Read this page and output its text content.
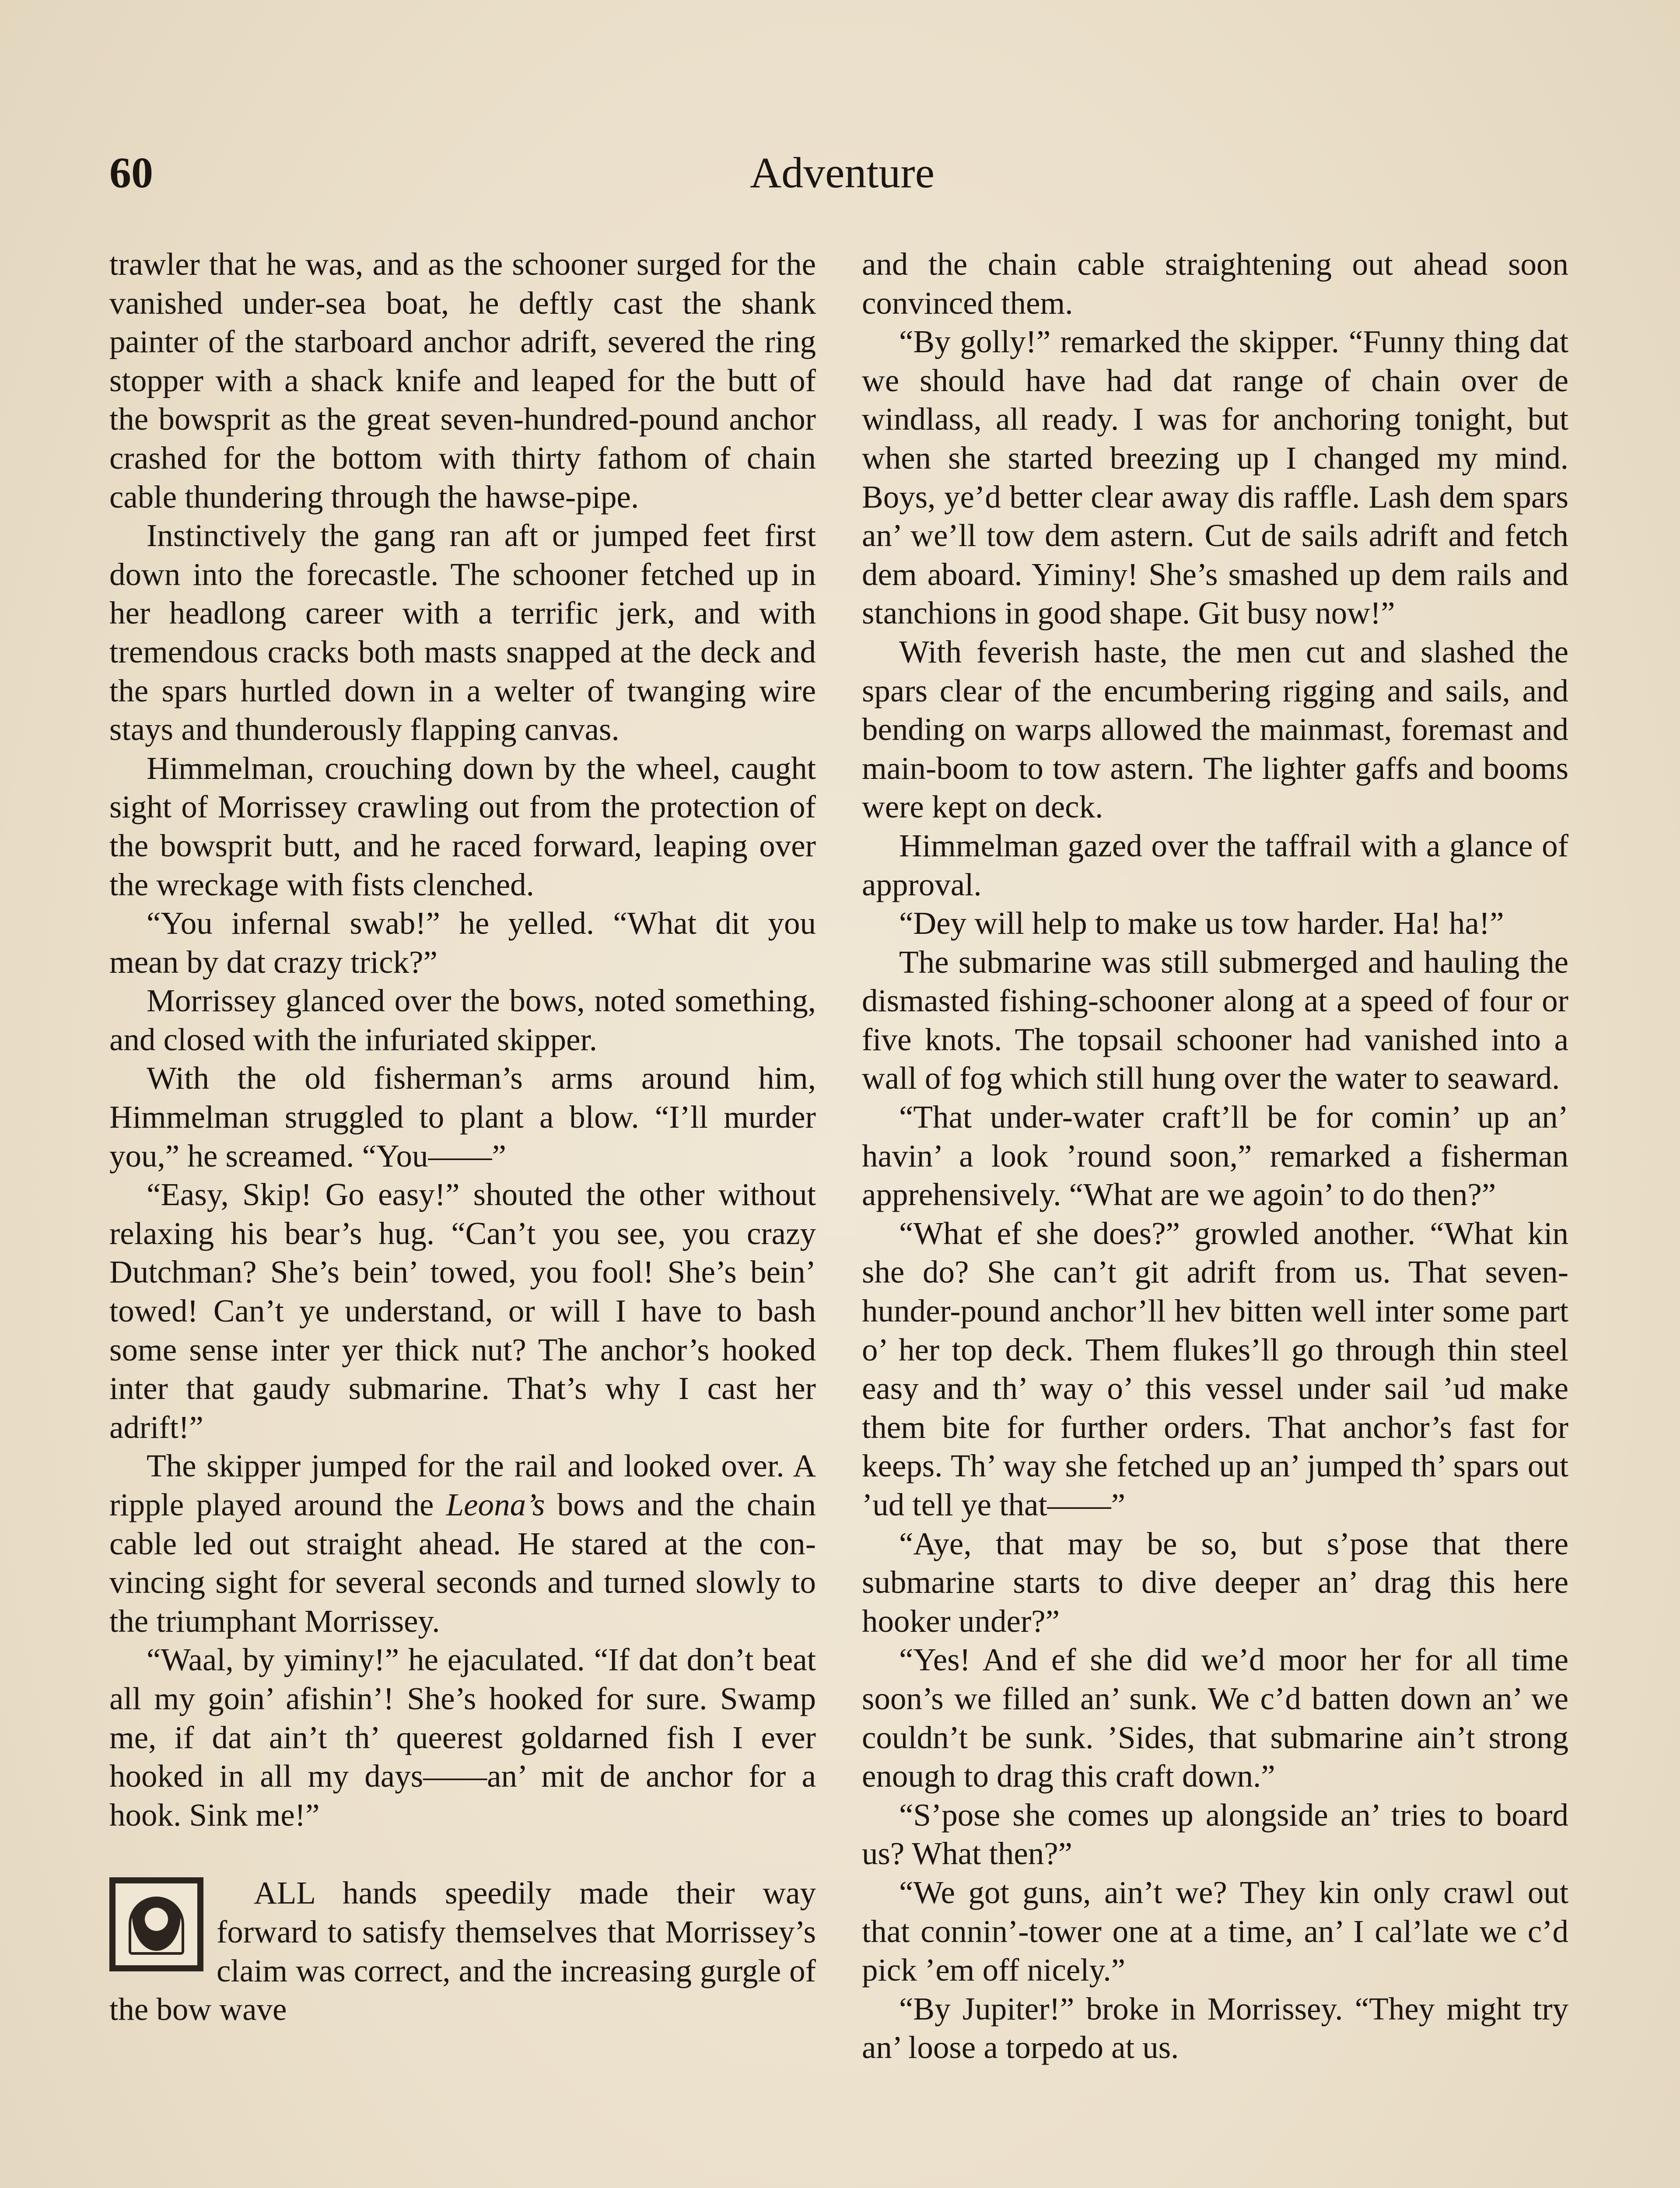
60	Adventure

trawler that he was, and as the schooner surged for the vanished under-sea boat, he deftly cast the shank painter of the starboard anchor adrift, severed the ring stopper with a shack knife and leaped for the butt of the bowsprit as the great seven-hundred-pound anchor crashed for the bottom with thirty fathom of chain cable thundering through the hawse-pipe.

Instinctively the gang ran aft or jumped feet first down into the forecastle. The schooner fetched up in her headlong career with a terrific jerk, and with tremendous cracks both masts snapped at the deck and the spars hurtled down in a welter of twanging wire stays and thunderously flapping canvas.

Himmelman, crouching down by the wheel, caught sight of Morrissey crawling out from the protection of the bowsprit butt, and he raced forward, leaping over the wreckage with fists clenched.

“You infernal swab!” he yelled. “What dit you mean by dat crazy trick?”

Morrissey glanced over the bows, noted something, and closed with the infuriated skipper.

With the old fisherman’s arms around him, Himmelman struggled to plant a blow. “I’ll murder you,” he screamed. “You——”

“Easy, Skip! Go easy!” shouted the other without relaxing his bear’s hug. “Can’t you see, you crazy Dutchman? She’s bein’ towed, you fool! She’s bein’ towed! Can’t ye understand, or will I have to bash some sense inter yer thick nut? The anchor’s hooked inter that gaudy submarine. That’s why I cast her adrift!”

The skipper jumped for the rail and looked over. A ripple played around the Leona’s bows and the chain cable led out straight ahead. He stared at the convincing sight for several seconds and turned slowly to the triumphant Morrissey.

“Waal, by yiminy!” he ejaculated. “If dat don’t beat all my goin’ afishin’! She’s hooked for sure. Swamp me, if dat ain’t th’ queerest goldarned fish I ever hooked in all my days——an’ mit de anchor for a hook. Sink me!”

ALL hands speedily made their way forward to satisfy themselves that Morrissey’s claim was correct, and the increasing gurgle of the bow wave

and the chain cable straightening out ahead soon convinced them.

“By golly!” remarked the skipper. “Funny thing dat we should have had dat range of chain over de windlass, all ready. I was for anchoring tonight, but when she started breezing up I changed my mind. Boys, ye’d better clear away dis raffle. Lash dem spars an’ we’ll tow dem astern. Cut de sails adrift and fetch dem aboard. Yiminy! She’s smashed up dem rails and stanchions in good shape. Git busy now!”

With feverish haste, the men cut and slashed the spars clear of the encumbering rigging and sails, and bending on warps allowed the mainmast, foremast and main-boom to tow astern. The lighter gaffs and booms were kept on deck.

Himmelman gazed over the taffrail with a glance of approval.

“Dey will help to make us tow harder. Ha! ha!”

The submarine was still submerged and hauling the dismasted fishing-schooner along at a speed of four or five knots. The topsail schooner had vanished into a wall of fog which still hung over the water to seaward.

“That under-water craft’ll be for comin’ up an’ havin’ a look ’round soon,” remarked a fisherman apprehensively. “What are we agoin’ to do then?”

“What ef she does?” growled another. “What kin she do? She can’t git adrift from us. That seven-hunder-pound anchor’ll hev bitten well inter some part o’ her top deck. Them flukes’ll go through thin steel easy and th’ way o’ this vessel under sail ’ud make them bite for further orders. That anchor’s fast for keeps. Th’ way she fetched up an’ jumped th’ spars out ’ud tell ye that——”

“Aye, that may be so, but s’pose that there submarine starts to dive deeper an’ drag this here hooker under?”

“Yes! And ef she did we’d moor her for all time soon’s we filled an’ sunk. We c’d batten down an’ we couldn’t be sunk. ’Sides, that submarine ain’t strong enough to drag this craft down.”

“S’pose she comes up alongside an’ tries to board us? What then?”

“We got guns, ain’t we? They kin only crawl out that connin’-tower one at a time, an’ I cal’late we c’d pick ’em off nicely.”

“By Jupiter!” broke in Morrissey. “They might try an’ loose a torpedo at us.
